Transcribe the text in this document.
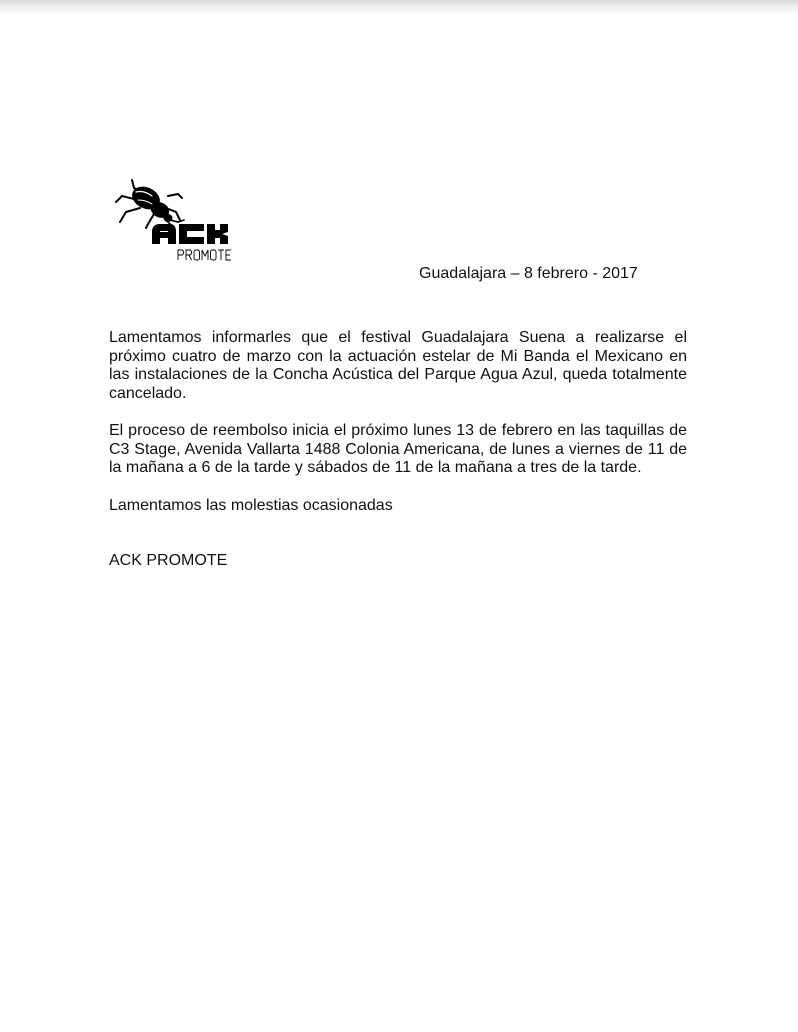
Guadalajara – 8 febrero - 2017

Lamentamos informarles que el festival Guadalajara Suena a realizarse el próximo cuatro de marzo con la actuación estelar de Mi Banda el Mexicano en las instalaciones de la Concha Acústica del Parque Agua Azul, queda totalmente cancelado.

El proceso de reembolso inicia el próximo lunes 13 de febrero en las taquillas de C3 Stage, Avenida Vallarta 1488 Colonia Americana, de lunes a viernes de 11 de la mañana a 6 de la tarde y sábados de 11 de la mañana a tres de la tarde.

Lamentamos las molestias ocasionadas

ACK PROMOTE
